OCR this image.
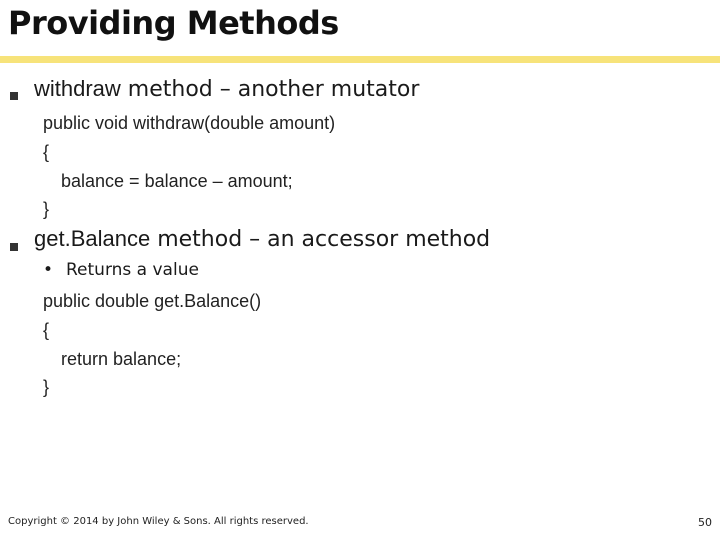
Providing Methods
withdraw method – another mutator
public void withdraw(double amount)
{
balance = balance – amount;
}
get.Balance method – an accessor method
• Returns a value
public double get.Balance()
{
return balance;
}
Copyright © 2014 by John Wiley & Sons. All rights reserved.	50
